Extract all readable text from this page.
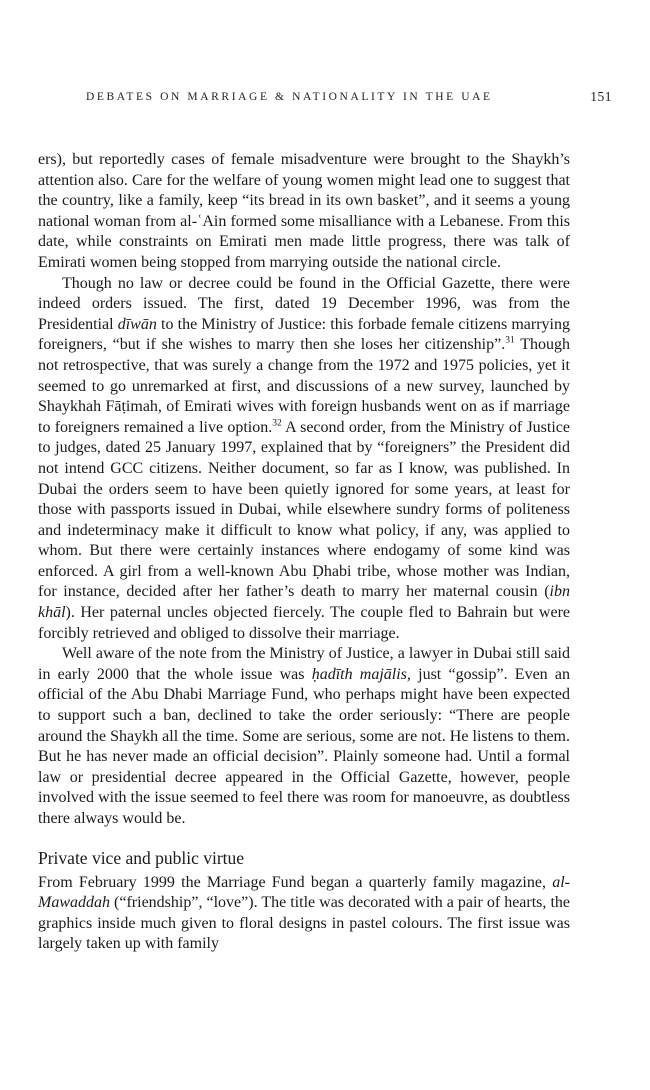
DEBATES ON MARRIAGE & NATIONALITY IN THE UAE	151

ers), but reportedly cases of female misadventure were brought to the Shaykh’s attention also. Care for the welfare of young women might lead one to suggest that the country, like a family, keep “its bread in its own basket”, and it seems a young national woman from al-ʿAin formed some misalliance with a Lebanese. From this date, while constraints on Emirati men made little progress, there was talk of Emirati women being stopped from marrying outside the national circle.

Though no law or decree could be found in the Official Gazette, there were indeed orders issued. The first, dated 19 December 1996, was from the Presidential dīwān to the Ministry of Justice: this forbade female citizens marrying foreigners, “but if she wishes to marry then she loses her citizenship”.$^{31}$ Though not retrospective, that was surely a change from the 1972 and 1975 policies, yet it seemed to go unremarked at first, and discussions of a new survey, launched by Shaykhah Fāṭimah, of Emirati wives with foreign husbands went on as if marriage to foreigners remained a live option.$^{32}$ A second order, from the Ministry of Justice to judges, dated 25 January 1997, explained that by “foreigners” the President did not intend GCC citizens. Neither document, so far as I know, was published. In Dubai the orders seem to have been quietly ignored for some years, at least for those with passports issued in Dubai, while elsewhere sundry forms of politeness and indeterminacy make it difficult to know what policy, if any, was applied to whom. But there were certainly instances where endogamy of some kind was enforced. A girl from a well-known Abu Ḍhabi tribe, whose mother was Indian, for instance, decided after her father’s death to marry her maternal cousin (ibn khāl). Her paternal uncles objected fiercely. The couple fled to Bahrain but were forcibly retrieved and obliged to dissolve their marriage.

Well aware of the note from the Ministry of Justice, a lawyer in Dubai still said in early 2000 that the whole issue was ḥadīth majālis, just “gossip”. Even an official of the Abu Dhabi Marriage Fund, who perhaps might have been expected to support such a ban, declined to take the order seriously: “There are people around the Shaykh all the time. Some are serious, some are not. He listens to them. But he has never made an official decision”. Plainly someone had. Until a formal law or presidential decree appeared in the Official Gazette, however, people involved with the issue seemed to feel there was room for manoeuvre, as doubtless there always would be.

Private vice and public virtue

From February 1999 the Marriage Fund began a quarterly family magazine, al-Mawaddah (“friendship”, “love”). The title was decorated with a pair of hearts, the graphics inside much given to floral designs in pastel colours. The first issue was largely taken up with family
